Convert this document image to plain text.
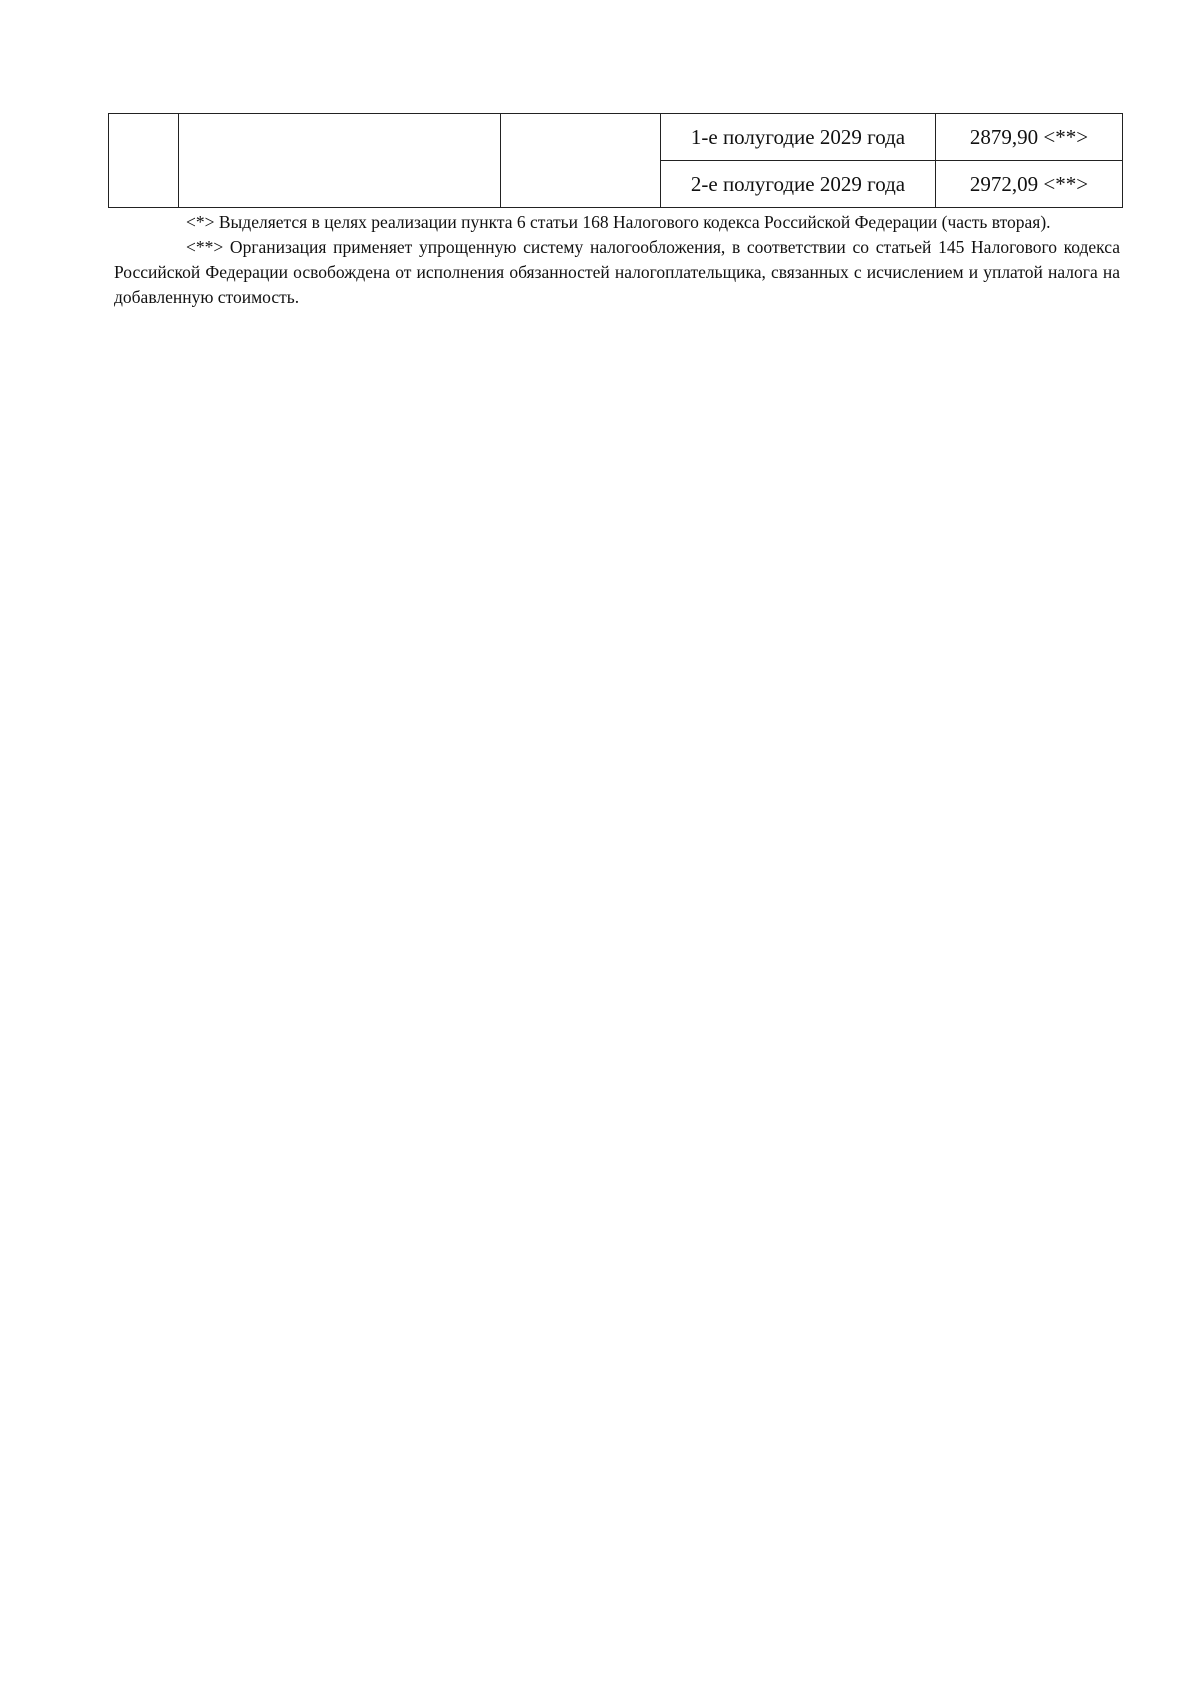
			1-е полугодие 2029 года	2879,90 <**>
			2-е полугодие 2029 года	2972,09 <**>

<*> Выделяется в целях реализации пункта 6 статьи 168 Налогового кодекса Российской Федерации (часть вторая).

<**> Организация применяет упрощенную систему налогообложения, в соответствии со статьей 145 Налогового кодекса Российской Федерации освобождена от исполнения обязанностей налогоплательщика, связанных с исчислением и уплатой налога на добавленную стоимость.
